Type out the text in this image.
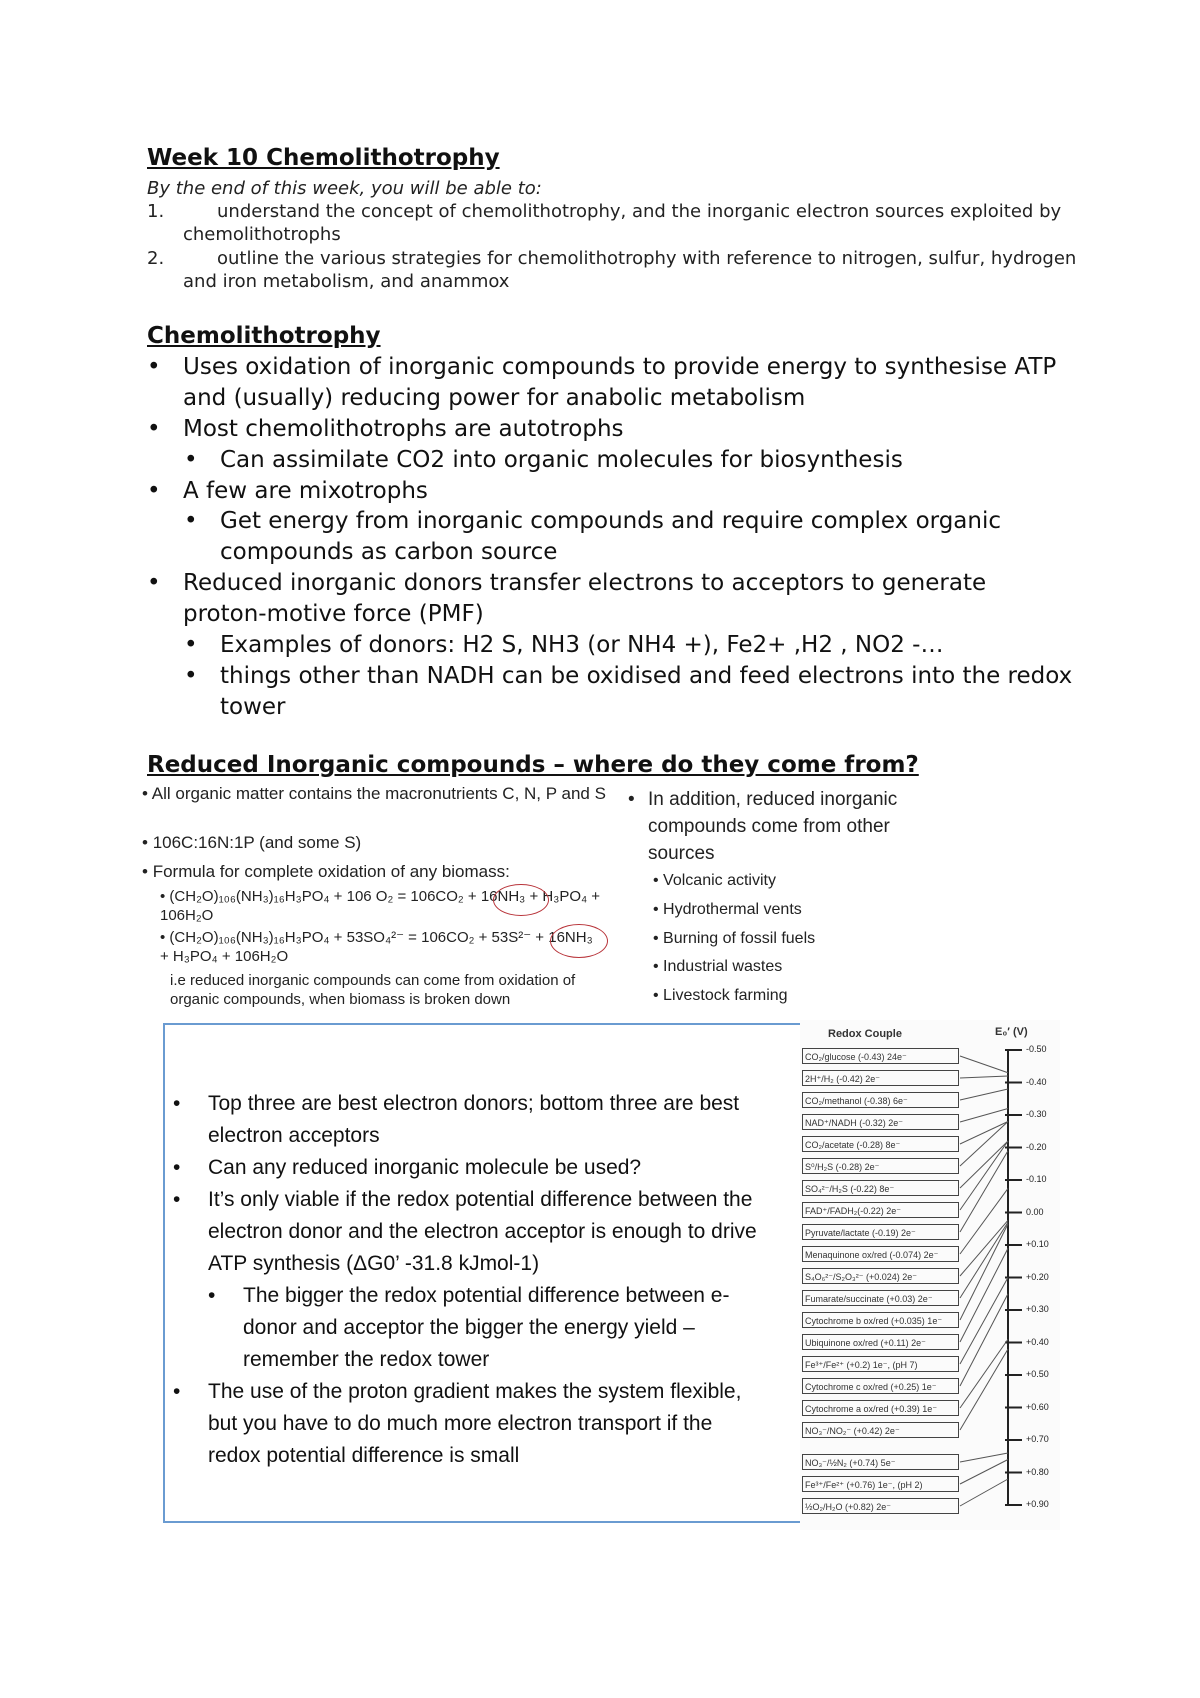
Week 10 Chemolithotrophy
By the end of this week, you will be able to:
1.	understand the concept of chemolithotrophy, and the inorganic electron sources exploited by chemolithotrophs
2.	outline the various strategies for chemolithotrophy with reference to nitrogen, sulfur, hydrogen and iron metabolism, and anammox
Chemolithotrophy
• Uses oxidation of inorganic compounds to provide energy to synthesise ATP and (usually) reducing power for anabolic metabolism
• Most chemolithotrophs are autotrophs
• Can assimilate CO2 into organic molecules for biosynthesis
• A few are mixotrophs
• Get energy from inorganic compounds and require complex organic compounds as carbon source
• Reduced inorganic donors transfer electrons to acceptors to generate proton-motive force (PMF)
• Examples of donors: H2 S, NH3 (or NH4 +), Fe2+ ,H2 , NO2 -…
• things other than NADH can be oxidised and feed electrons into the redox tower
Reduced Inorganic compounds – where do they come from?
• All organic matter contains the macronutrients C, N, P and S
• 106C:16N:1P (and some S)
• Formula for complete oxidation of any biomass:
• (CH₂O)₁₀₆(NH₃)₁₆H₃PO₄ + 106 O₂ = 106CO₂ + 16NH₃ + H₃PO₄ + 106H₂O
• (CH₂O)₁₀₆(NH₃)₁₆H₃PO₄ + 53SO₄²⁻ = 106CO₂ + 53S²⁻ + 16NH₃ + H₃PO₄ + 106H₂O
i.e reduced inorganic compounds can come from oxidation of organic compounds, when biomass is broken down
• In addition, reduced inorganic compounds come from other sources
• Volcanic activity
• Hydrothermal vents
• Burning of fossil fuels
• Industrial wastes
• Livestock farming
• Top three are best electron donors; bottom three are best electron acceptors
• Can any reduced inorganic molecule be used?
• It’s only viable if the redox potential difference between the electron donor and the electron acceptor is enough to drive ATP synthesis (ΔG0’ -31.8 kJmol-1)
• The bigger the redox potential difference between e- donor and acceptor the bigger the energy yield – remember the redox tower
• The use of the proton gradient makes the system flexible, but you have to do much more electron transport if the redox potential difference is small
Redox Couple	E₀′ (V)
CO₂/glucose (-0.43) 24e⁻
2H⁺/H₂ (-0.42) 2e⁻
CO₂/methanol (-0.38) 6e⁻
NAD⁺/NADH (-0.32) 2e⁻
CO₂/acetate (-0.28) 8e⁻
S⁰/H₂S (-0.28) 2e⁻
SO₄²⁻/H₂S (-0.22) 8e⁻
FAD⁺/FADH₂(-0.22) 2e⁻
Pyruvate/lactate (-0.19) 2e⁻
Menaquinone ox/red (-0.074) 2e⁻
S₄O₆²⁻/S₂O₃²⁻ (+0.024) 2e⁻
Fumarate/succinate (+0.03) 2e⁻
Cytochrome b ox/red (+0.035) 1e⁻
Ubiquinone ox/red (+0.11) 2e⁻
Fe³⁺/Fe²⁺ (+0.2) 1e⁻, (pH 7)
Cytochrome c ox/red (+0.25) 1e⁻
Cytochrome a ox/red (+0.39) 1e⁻
NO₃⁻/NO₂⁻ (+0.42) 2e⁻
NO₃⁻/½N₂ (+0.74) 5e⁻
Fe³⁺/Fe²⁺ (+0.76) 1e⁻, (pH 2)
½O₂/H₂O (+0.82) 2e⁻
-0.50
-0.40
-0.30
-0.20
-0.10
0.00
+0.10
+0.20
+0.30
+0.40
+0.50
+0.60
+0.70
+0.80
+0.90
